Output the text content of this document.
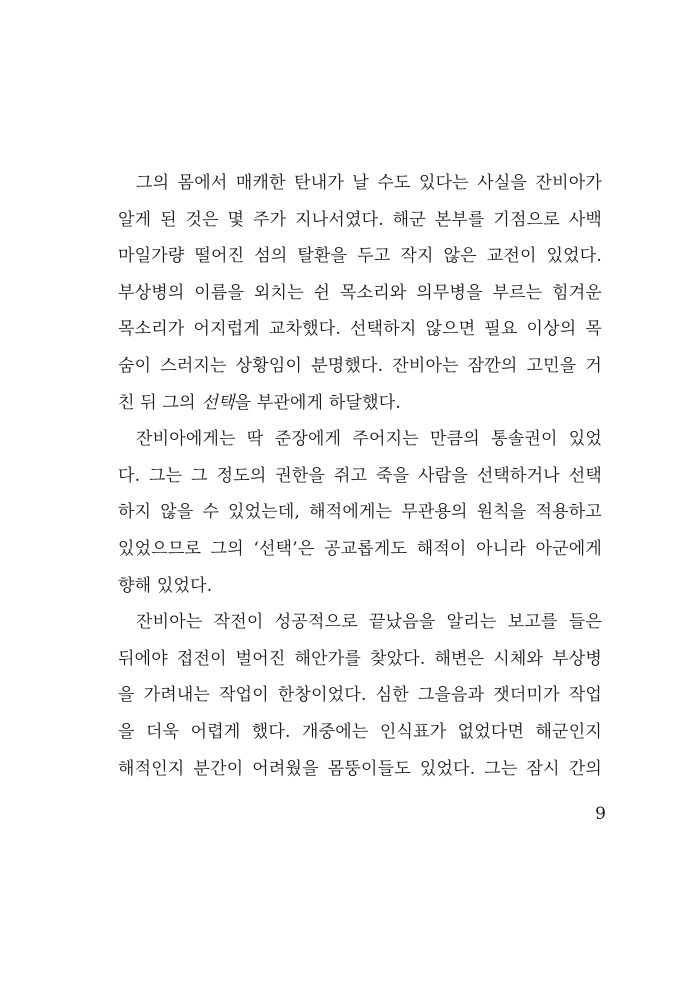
그의 몸에서 매캐한 탄내가 날 수도 있다는 사실을 잔비아가
알게 된 것은 몇 주가 지나서였다. 해군 본부를 기점으로 사백
마일가량 떨어진 섬의 탈환을 두고 작지 않은 교전이 있었다.
부상병의 이름을 외치는 쉰 목소리와 의무병을 부르는 힘겨운
목소리가 어지럽게 교차했다. 선택하지 않으면 필요 이상의 목
숨이 스러지는 상황임이 분명했다. 잔비아는 잠깐의 고민을 거
친 뒤 그의 선택을 부관에게 하달했다.
잔비아에게는 딱 준장에게 주어지는 만큼의 통솔권이 있었
다. 그는 그 정도의 권한을 쥐고 죽을 사람을 선택하거나 선택
하지 않을 수 있었는데, 해적에게는 무관용의 원칙을 적용하고
있었으므로 그의 ‘선택’은 공교롭게도 해적이 아니라 아군에게
향해 있었다.
잔비아는 작전이 성공적으로 끝났음을 알리는 보고를 들은
뒤에야 접전이 벌어진 해안가를 찾았다. 해변은 시체와 부상병
을 가려내는 작업이 한창이었다. 심한 그을음과 잿더미가 작업
을 더욱 어렵게 했다. 개중에는 인식표가 없었다면 해군인지
해적인지 분간이 어려웠을 몸뚱이들도 있었다. 그는 잠시 간의
9
